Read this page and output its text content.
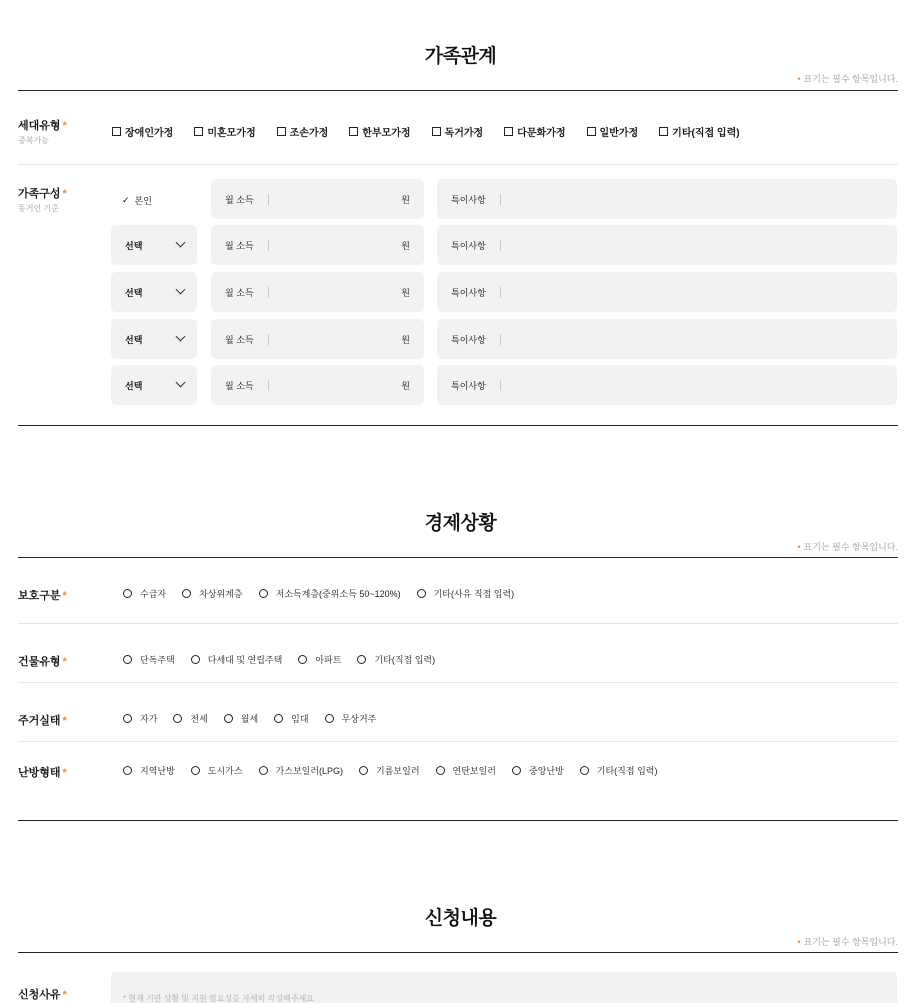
가족관계
• 표기는 필수 항목입니다.
세대유형 *
중복가능
장애인가정	미혼모가정	조손가정	한부모가정	독거가정	다문화가정	일반가정	기타(직접 입력)
가족구성 *
동거인 기준
✓ 본인	월 소득	원	특이사항
선택	월 소득	원	특이사항
선택	월 소득	원	특이사항
선택	월 소득	원	특이사항
선택	월 소득	원	특이사항
경제상황
• 표기는 필수 항목입니다.
보호구분 *	수급자	차상위계층	저소득계층(중위소득 50~120%)	기타(사유 직접 입력)
건물유형 *	단독주택	다세대 및 연립주택	아파트	기타(직접 입력)
주거실태 *	자가	전세	월세	임대	무상거주
난방형태 *	지역난방	도시가스	가스보일러(LPG)	기름보일러	연탄보일러	중앙난방	기타(직접 입력)
신청내용
• 표기는 필수 항목입니다.
신청사유 *	* 현재 기관 상황 및 지원 필요성을 자세히 작성해주세요
